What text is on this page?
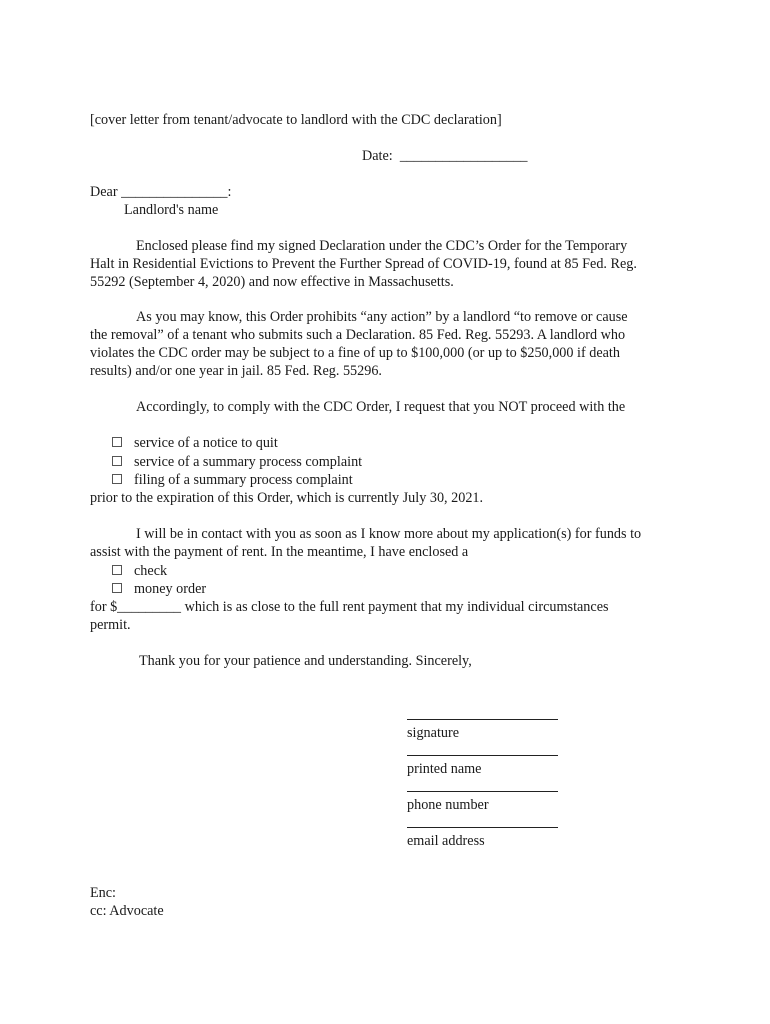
[cover letter from tenant/advocate to landlord with the CDC declaration]
Date: __________________
Dear _______________:
Landlord's name
Enclosed please find my signed Declaration under the CDC’s Order for the Temporary
Halt in Residential Evictions to Prevent the Further Spread of COVID-19, found at 85 Fed. Reg.
55292 (September 4, 2020) and now effective in Massachusetts.
As you may know, this Order prohibits “any action” by a landlord “to remove or cause
the removal” of a tenant who submits such a Declaration. 85 Fed. Reg. 55293. A landlord who
violates the CDC order may be subject to a fine of up to $100,000 (or up to $250,000 if death
results) and/or one year in jail. 85 Fed. Reg. 55296.
Accordingly, to comply with the CDC Order, I request that you NOT proceed with the
service of a notice to quit
service of a summary process complaint
filing of a summary process complaint
prior to the expiration of this Order, which is currently July 30, 2021.
I will be in contact with you as soon as I know more about my application(s) for funds to
assist with the payment of rent. In the meantime, I have enclosed a
check
money order
for $_________ which is as close to the full rent payment that my individual circumstances
permit.
Thank you for your patience and understanding. Sincerely,
signature
printed name
phone number
email address
Enc:
cc: Advocate
